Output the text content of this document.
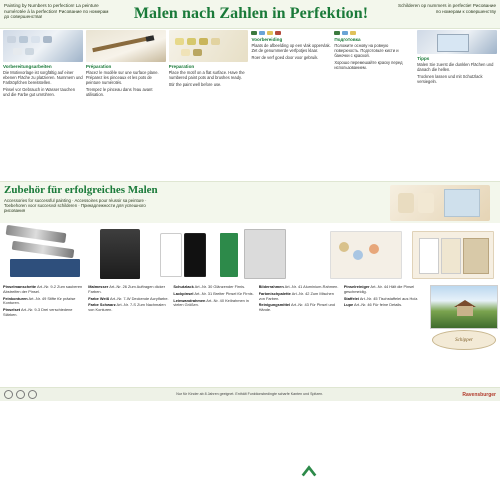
Painting by Numbers to perfection! La peinture numérotée à la perfection! Рисование по номерам до совершенства!	Malen nach Zahlen in Perfektion!	Schilderen op nummers in perfectie! Рисование по номерам к совершенству
Vorbereitungsarbeiten

Die Motivvorlage ist sorgfältig auf einer ebenen Fläche zu platzieren. Nummern und Farbtöpfchen bereitstellen.

Pinsel vor Gebrauch in Wasser tauchen und die Farbe gut umrühren.

Préparation

Placez le modèle sur une surface plane. Préparez les pinceaux et les pots de peinture numérotés.

Trempez le pinceau dans l'eau avant utilisation.

Preparation

Place the motif on a flat surface. Have the numbered paint pots and brushes ready.

Stir the paint well before use.

Voorbereiding

Plaats de afbeelding op een vlak oppervlak. Zet de genummerde verfpotjes klaar.

Roer de verf goed door voor gebruik.

Подготовка

Положите основу на ровную поверхность. Подготовьте кисти и баночки с краской.

Хорошо перемешайте краску перед использованием.

Tipps

Malen Sie zuerst die dunklen Flächen und danach die hellen.

Trocknen lassen und mit Schutzlack versiegeln.

Zubehör für erfolgreiches Malen
Accessories for successful painting · Accessoires pour réussir sa peinture · Toebehoren voor succesvol schilderen · Принадлежности для успешного рисования
Pinselmanschette Art.-Nr. 9-2 Zum sauberen Abstreifen der Pinsel.
Feinkonturen Art.-Nr. 49 Stifte für präzise Konturen.
Pinselset Art.-Nr. 9-3 Drei verschiedene Stärken.
Malmesser Art.-Nr. 26 Zum Auftragen dicker Farben.
Farbe Weiß Art.-Nr. 7-W Deckende Acrylfarbe.
Farbe Schwarz Art.-Nr. 7-S Zum Nachmalen von Konturen.
Schutzlack Art.-Nr. 30 Glänzender Firnis.
Lackpinsel Art.-Nr. 31 Breiter Pinsel für Firnis.
Leinwandrahmen Art.-Nr. 40 Keilrahmen in vielen Größen.
Bilderrahmen Art.-Nr. 41 Aluminium-Rahmen.
Farbmischpalette Art.-Nr. 42 Zum Mischen von Farben.
Reinigungsmittel Art.-Nr. 43 Für Pinsel und Hände.
Pinselreiniger Art.-Nr. 44 Hält die Pinsel geschmeidig.
Staffelei Art.-Nr. 45 Tischstaffelei aus Holz.
Lupe Art.-Nr. 46 Für feine Details.
Schipper
Nur für Kinder ab 8 Jahren geeignet. Enthält Funktionsbedingte scharfe Kanten und Spitzen.	Ravensburger
